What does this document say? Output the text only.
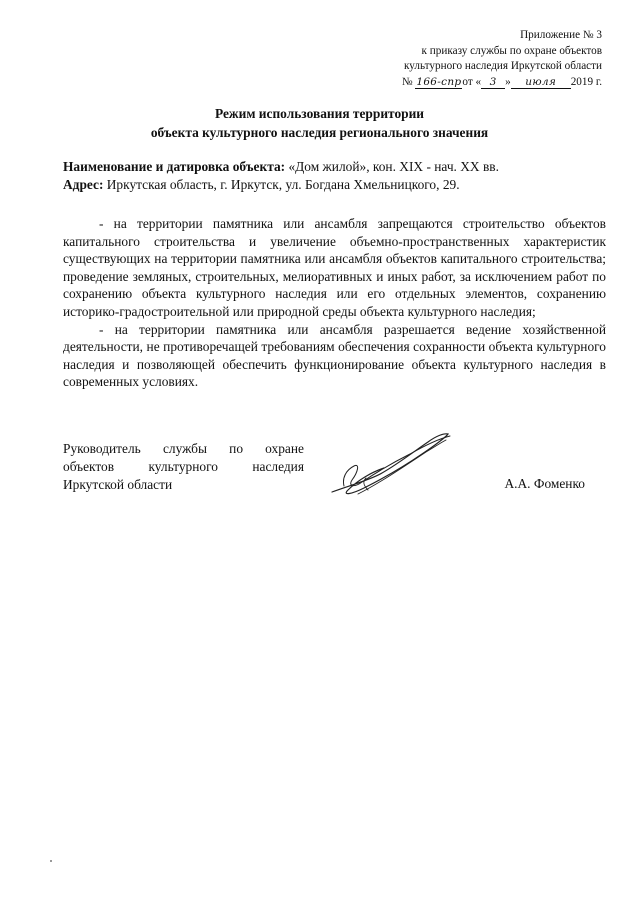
Приложение № 3
к приказу службы по охране объектов
культурного наследия Иркутской области
№ 166-спрот « 3 » июля 2019 г.
Режим использования территории
объекта культурного наследия регионального значения
Наименование и датировка объекта: «Дом жилой», кон. XIX - нач. XX вв.
Адрес: Иркутская область, г. Иркутск, ул. Богдана Хмельницкого, 29.

- на территории памятника или ансамбля запрещаются строительство объектов капитального строительства и увеличение объемно-пространственных характеристик существующих на территории памятника или ансамбля объектов капитального строительства; проведение земляных, строительных, мелиоративных и иных работ, за исключением работ по сохранению объекта культурного наследия или его отдельных элементов, сохранению историко-градостроительной или природной среды объекта культурного наследия;

- на территории памятника или ансамбля разрешается ведение хозяйственной деятельности, не противоречащей требованиям обеспечения сохранности объекта культурного наследия и позволяющей обеспечить функционирование объекта культурного наследия в современных условиях.

Руководитель службы по охране
объектов культурного наследия
Иркутской области	А.А. Фоменко
